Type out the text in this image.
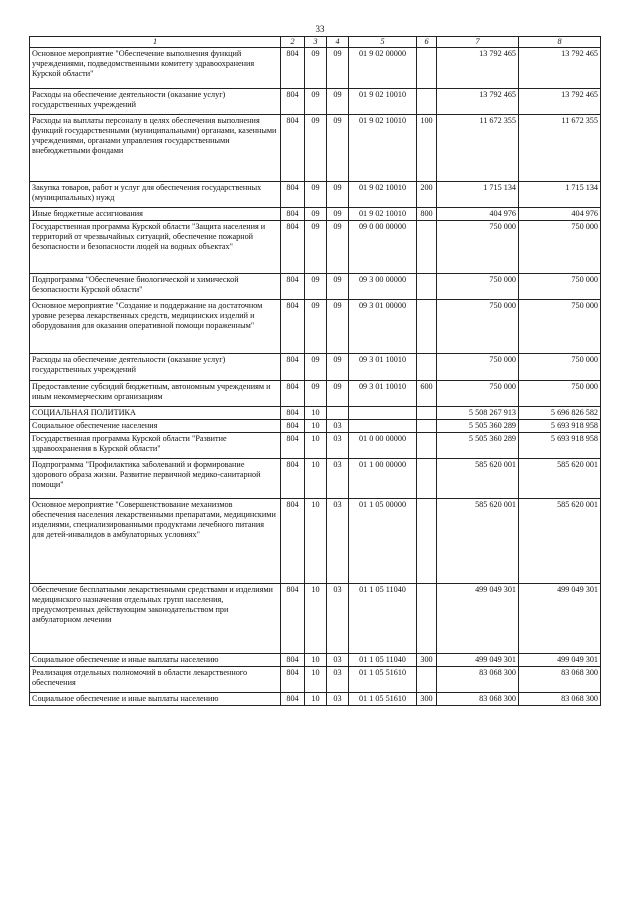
33
1	2	3	4	5	6	7	8
Основное мероприятие "Обеспечение выполнения функций учреждениями, подведомственными комитету здравоохранения Курской области"	804	09	09	01 9 02 00000		13 792 465	13 792 465
Расходы на обеспечение деятельности (оказание услуг) государственных учреждений	804	09	09	01 9 02 10010		13 792 465	13 792 465
Расходы на выплаты персоналу в целях обеспечения выполнения функций государственными (муниципальными) органами, казенными учреждениями, органами управления государственными внебюджетными фондами	804	09	09	01 9 02 10010	100	11 672 355	11 672 355
Закупка товаров, работ и услуг для обеспечения государственных (муниципальных) нужд	804	09	09	01 9 02 10010	200	1 715 134	1 715 134
Иные бюджетные ассигнования	804	09	09	01 9 02 10010	800	404 976	404 976
Государственная программа Курской области "Защита населения и территорий от чрезвычайных ситуаций, обеспечение пожарной безопасности и безопасности людей на водных объектах"	804	09	09	09 0 00 00000		750 000	750 000
Подпрограмма "Обеспечение биологической и химической безопасности Курской области"	804	09	09	09 3 00 00000		750 000	750 000
Основное мероприятие "Создание и поддержание на достаточном уровне резерва лекарственных средств, медицинских изделий и оборудования для оказания оперативной помощи пораженным"	804	09	09	09 3 01 00000		750 000	750 000
Расходы на обеспечение деятельности (оказание услуг) государственных учреждений	804	09	09	09 3 01 10010		750 000	750 000
Предоставление субсидий бюджетным, автономным учреждениям и иным некоммерческим организациям	804	09	09	09 3 01 10010	600	750 000	750 000
СОЦИАЛЬНАЯ ПОЛИТИКА	804	10				5 508 267 913	5 696 826 582
Социальное обеспечение населения	804	10	03			5 505 360 289	5 693 918 958
Государственная программа Курской области "Развитие здравоохранения в Курской области"	804	10	03	01 0 00 00000		5 505 360 289	5 693 918 958
Подпрограмма "Профилактика заболеваний и формирование здорового образа жизни. Развитие первичной медико-санитарной помощи"	804	10	03	01 1 00 00000		585 620 001	585 620 001
Основное мероприятие "Совершенствование механизмов обеспечения населения лекарственными препаратами, медицинскими изделиями, специализированными продуктами лечебного питания для детей-инвалидов в амбулаторных условиях"	804	10	03	01 1 05 00000		585 620 001	585 620 001
Обеспечение бесплатными лекарственными средствами и изделиями медицинского назначения отдельных групп населения, предусмотренных действующим законодательством при амбулаторном лечении	804	10	03	01 1 05 11040		499 049 301	499 049 301
Социальное обеспечение и иные выплаты населению	804	10	03	01 1 05 11040	300	499 049 301	499 049 301
Реализация отдельных полномочий в области лекарственного обеспечения	804	10	03	01 1 05 51610		83 068 300	83 068 300
Социальное обеспечение и иные выплаты населению	804	10	03	01 1 05 51610	300	83 068 300	83 068 300
